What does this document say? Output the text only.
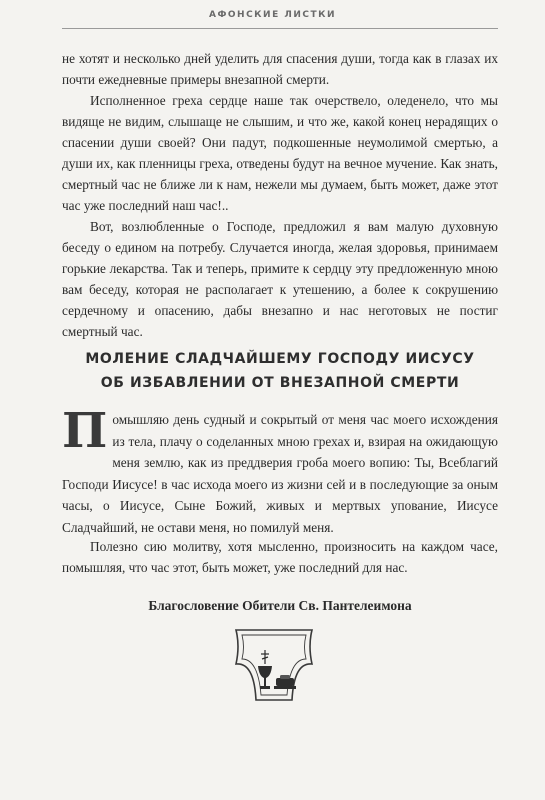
АФОНСКИЕ ЛИСТКИ

не хотят и несколько дней уделить для спасения души, тогда как в глазах их почти ежедневные примеры внезапной смерти.

Исполненное греха сердце наше так очерствело, оледенело, что мы видяще не видим, слышаще не слышим, и что же, какой конец нерадящих о спасении души своей? Они падут, подкошенные неумолимой смертью, а души их, как пленницы греха, отведены будут на вечное мучение. Как знать, смертный час не ближе ли к нам, нежели мы думаем, быть может, даже этот час уже последний наш час!..

Вот, возлюбленные о Господе, предложил я вам малую духовную беседу о едином на потребу. Случается иногда, желая здоровья, принимаем горькие лекарства. Так и теперь, примите к сердцу эту предложенную мною вам беседу, которая не располагает к утешению, а более к сокрушению сердечному и опасению, дабы внезапно и нас неготовых не постиг смертный час.

МОЛЕНИЕ СЛАДЧАЙШЕМУ ГОСПОДУ ИИСУСУ
ОБ ИЗБАВЛЕНИИ ОТ ВНЕЗАПНОЙ СМЕРТИ
П омышляю день судный и сокрытый от меня час моего исхождения из тела, плачу о соделанных мною грехах и, взирая на ожидающую меня землю, как из преддверия гроба моего вопию: Ты, Всеблагий Господи Иисусе! в час исхода моего из жизни сей и в последующие за оным часы, о Иисусе, Сыне Божий, живых и мертвых упование, Иисусе Сладчайший, не остави меня, но помилуй меня.

Полезно сию молитву, хотя мысленно, произносить на каждом часе, помышляя, что час этот, быть может, уже последний для нас.

Благословение Обители Св. Пантелеимона
